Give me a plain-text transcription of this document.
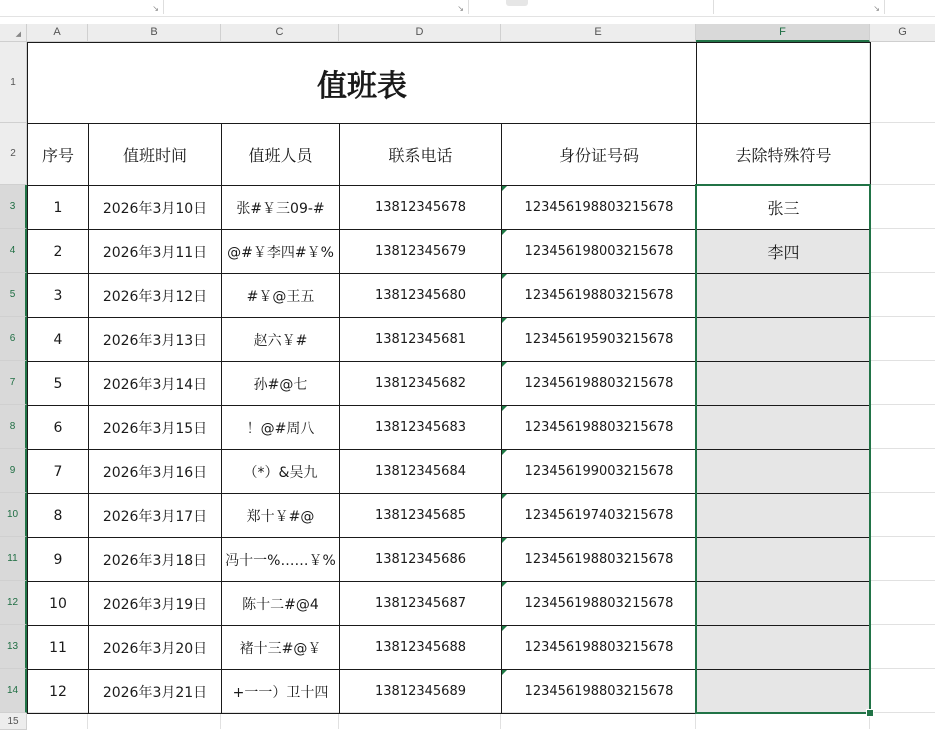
↘	↘	↘
◢	A	B	C	D	E	F	G
1
2
3
4
5
6
7
8
9
10
11
12
13
14
15
值班表					
序号	值班时间	值班人员	联系电话	身份证号码	去除特殊符号
1	2026年3月10日	张#￥三09-#	13812345678	123456198803215678	张三
2	2026年3月11日	@#￥李四#￥%	13812345679	123456198003215678	李四
3	2026年3月12日	#￥@王五	13812345680	123456198803215678	
4	2026年3月13日	赵六￥#	13812345681	123456195903215678	
5	2026年3月14日	孙#@七	13812345682	123456198803215678	
6	2026年3月15日	！@#周八	13812345683	123456198803215678	
7	2026年3月16日	（*）&吴九	13812345684	123456199003215678	
8	2026年3月17日	郑十￥#@	13812345685	123456197403215678	
9	2026年3月18日	冯十一%……￥%	13812345686	123456198803215678	
10	2026年3月19日	陈十二#@4	13812345687	123456198803215678	
11	2026年3月20日	褚十三#@￥	13812345688	123456198803215678	
12	2026年3月21日	+一一）卫十四	13812345689	123456198803215678	
